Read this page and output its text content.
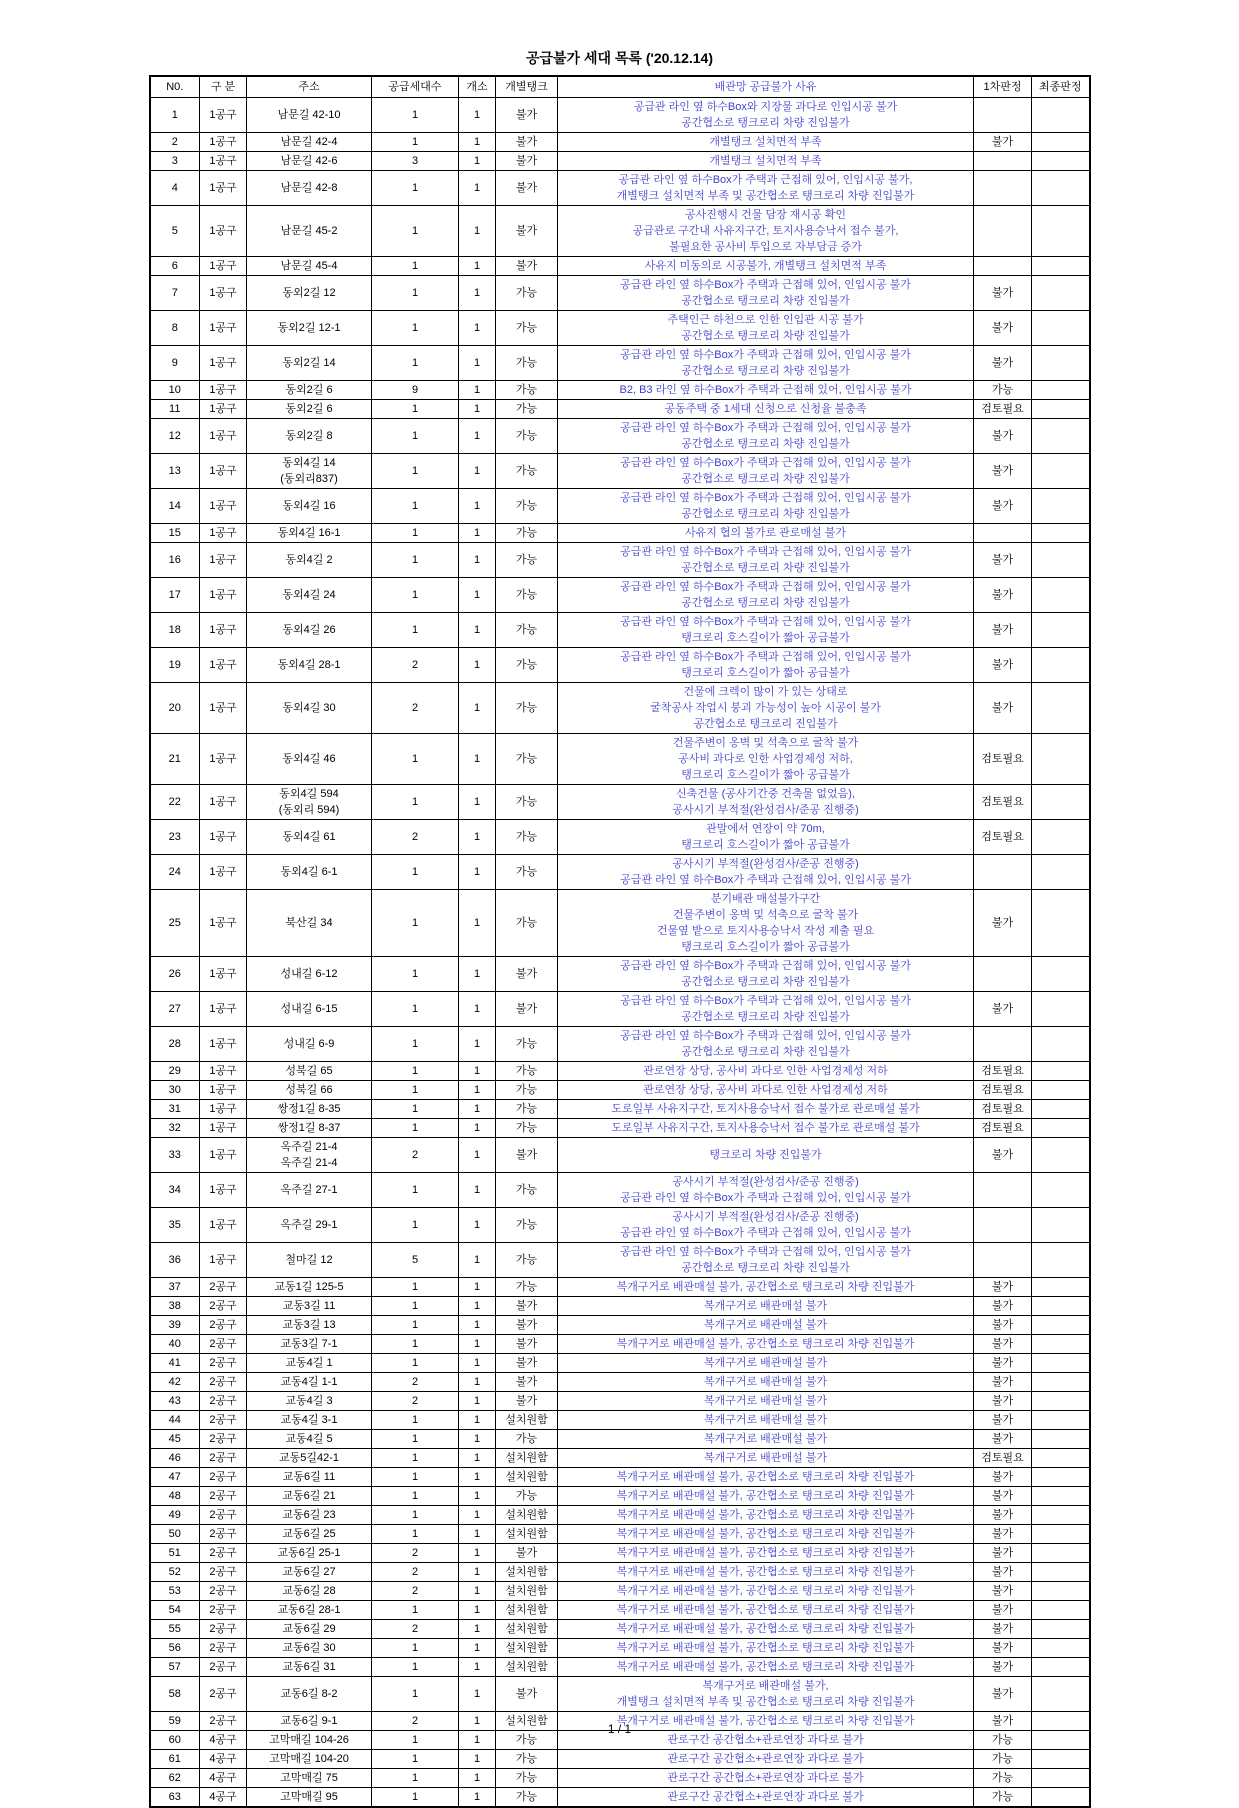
공급불가 세대 목록 ('20.12.14)
N0.	구 분	주소	공급세대수	개소	개별탱크	배관망 공급불가 사유	1차판정	최종판정
1	1공구	남문길 42-10	1	1	불가	공급관 라인 옆 하수Box와 지장물 과다로 인입시공 불가
공간협소로 탱크로리 차량 진입불가		

2	1공구	남문길 42-4	1	1	불가	개별탱크 설치면적 부족	불가	
3	1공구	남문길 42-6	3	1	불가	개별탱크 설치면적 부족		

4	1공구	남문길 42-8	1	1	불가	공급관 라인 옆 하수Box가 주택과 근접해 있어, 인입시공 불가,
개별탱크 설치면적 부족 및 공간협소로 탱크로리 차량 진입불가		

5	1공구	남문길 45-2	1	1	불가	공사진행시 건물 담장 재시공 확인
공급관로 구간내 사유지구간, 토지사용승낙서 접수 불가,
불필요한 공사비 투입으로 자부담금 증가		

6	1공구	남문길 45-4	1	1	불가	사유지 미동의로 시공불가, 개별탱크 설치면적 부족		

7	1공구	동외2길 12	1	1	가능	공급관 라인 옆 하수Box가 주택과 근접해 있어, 인입시공 불가
공간협소로 탱크로리 차량 진입불가	불가	
8	1공구	동외2길 12-1	1	1	가능	주택인근 하천으로 인한 인입관 시공 불가
공간협소로 탱크로리 차량 진입불가	불가	
9	1공구	동외2길 14	1	1	가능	공급관 라인 옆 하수Box가 주택과 근접해 있어, 인입시공 불가
공간협소로 탱크로리 차량 진입불가	불가	
10	1공구	동외2길 6	9	1	가능	B2, B3 라인 옆 하수Box가 주택과 근접해 있어, 인입시공 불가	가능	
11	1공구	동외2길 6	1	1	가능	공동주택 중 1세대 신청으로 신청율 불충족	검토필요	
12	1공구	동외2길 8	1	1	가능	공급관 라인 옆 하수Box가 주택과 근접해 있어, 인입시공 불가
공간협소로 탱크로리 차량 진입불가	불가	
13	1공구	
동외4길 14
(동외리837)
	1	1	가능	
공급관 라인 옆 하수Box가 주택과 근접해 있어, 인입시공 불가
공간협소로 탱크로리 차량 진입불가
	불가	
14	1공구	동외4길 16	1	1	가능	공급관 라인 옆 하수Box가 주택과 근접해 있어, 인입시공 불가
공간협소로 탱크로리 차량 진입불가	불가	
15	1공구	동외4길 16-1	1	1	가능	사유지 협의 불가로 관로매설 불가		

16	1공구	동외4길 2	1	1	가능	공급관 라인 옆 하수Box가 주택과 근접해 있어, 인입시공 불가
공간협소로 탱크로리 차량 진입불가	불가	
17	1공구	동외4길 24	1	1	가능	공급관 라인 옆 하수Box가 주택과 근접해 있어, 인입시공 불가
공간협소로 탱크로리 차량 진입불가	불가	
18	1공구	동외4길 26	1	1	가능	공급관 라인 옆 하수Box가 주택과 근접해 있어, 인입시공 불가
탱크로리 호스길이가 짧아 공급불가	불가	
19	1공구	동외4길 28-1	2	1	가능	공급관 라인 옆 하수Box가 주택과 근접해 있어, 인입시공 불가
탱크로리 호스길이가 짧아 공급불가	불가	
20	1공구	동외4길 30	2	1	가능	건물에 크렉이 많이 가 있는 상태로
굴착공사 작업시 붕괴 가능성이 높아 시공이 불가
공간협소로 탱크로리 진입불가	불가	
21	1공구	동외4길 46	1	1	가능	건물주변이 옹벽 및 석축으로 굴착 불가
공사비 과다로 인한 사업경제성 저하,
탱크로리 호스길이가 짧아 공급불가	검토필요	
22	1공구	
동외4길 594
(동외리 594)
	1	1	가능	
신축건물 (공사기간중 건축물 없었음),
공사시기 부적절(완성검사/준공 진행중)
	검토필요	
23	1공구	동외4길 61	2	1	가능	관말에서 연장이 약 70m,
탱크로리 호스길이가 짧아 공급불가	검토필요	
24	1공구	동외4길 6-1	1	1	가능	공사시기 부적절(완성검사/준공 진행중)
공급관 라인 옆 하수Box가 주택과 근접해 있어, 인입시공 불가		

25	1공구	북산길 34	1	1	가능	분기배관 매설불가구간
건물주변이 옹벽 및 석축으로 굴착 불가
건물옆 밭으로 토지사용승낙서 작성 제출 필요
탱크로리 호스길이가 짧아 공급불가	불가	
26	1공구	성내길 6-12	1	1	불가	공급관 라인 옆 하수Box가 주택과 근접해 있어, 인입시공 불가
공간협소로 탱크로리 차량 진입불가		

27	1공구	성내길 6-15	1	1	불가	공급관 라인 옆 하수Box가 주택과 근접해 있어, 인입시공 불가
공간협소로 탱크로리 차량 진입불가	불가	
28	1공구	성내길 6-9	1	1	가능	공급관 라인 옆 하수Box가 주택과 근접해 있어, 인입시공 불가
공간협소로 탱크로리 차량 진입불가		

29	1공구	성북길 65	1	1	가능	관로연장 상당, 공사비 과다로 인한 사업경제성 저하	검토필요	
30	1공구	성북길 66	1	1	가능	관로연장 상당, 공사비 과다로 인한 사업경제성 저하	검토필요	
31	1공구	쌍정1길 8-35	1	1	가능	도로일부 사유지구간, 토지사용승낙서 접수 불가로 관로매설 불가	검토필요	
32	1공구	쌍정1길 8-37	1	1	가능	도로일부 사유지구간, 토지사용승낙서 접수 불가로 관로매설 불가	검토필요	
33	1공구	옥주길 21-4
옥주길 21-4	2	1	불가	탱크로리 차량 진입불가	불가	
34	1공구	옥주길 27-1	1	1	가능	공사시기 부적절(완성검사/준공 진행중)
공급관 라인 옆 하수Box가 주택과 근접해 있어, 인입시공 불가		

35	1공구	옥주길 29-1	1	1	가능	공사시기 부적절(완성검사/준공 진행중)
공급관 라인 옆 하수Box가 주택과 근접해 있어, 인입시공 불가		

36	1공구	철마길 12	5	1	가능	공급관 라인 옆 하수Box가 주택과 근접해 있어, 인입시공 불가
공간협소로 탱크로리 차량 진입불가		

37	2공구	교동1길 125-5	1	1	가능	복개구거로 배관매설 불가, 공간협소로 탱크로리 차량 진입불가	불가	
38	2공구	교동3길 11	1	1	불가	복개구거로 배관매설 불가	불가	
39	2공구	교동3길 13	1	1	불가	복개구거로 배관매설 불가	불가	
40	2공구	교동3길 7-1	1	1	불가	복개구거로 배관매설 불가, 공간협소로 탱크로리 차량 진입불가	불가	
41	2공구	교동4길 1	1	1	불가	복개구거로 배관매설 불가	불가	
42	2공구	교동4길 1-1	2	1	불가	복개구거로 배관매설 불가	불가	
43	2공구	교동4길 3	2	1	불가	복개구거로 배관매설 불가	불가	
44	2공구	교동4길 3-1	1	1	설치원함	복개구거로 배관매설 불가	불가	
45	2공구	교동4길 5	1	1	가능	복개구거로 배관매설 불가	불가	
46	2공구	교동5길42-1	1	1	설치원함	복개구거로 배관매설 불가	검토필요	
47	2공구	교동6길 11	1	1	설치원함	복개구거로 배관매설 불가, 공간협소로 탱크로리 차량 진입불가	불가	
48	2공구	교동6길 21	1	1	가능	복개구거로 배관매설 불가, 공간협소로 탱크로리 차량 진입불가	불가	
49	2공구	교동6길 23	1	1	설치원함	복개구거로 배관매설 불가, 공간협소로 탱크로리 차량 진입불가	불가	
50	2공구	교동6길 25	1	1	설치원함	복개구거로 배관매설 불가, 공간협소로 탱크로리 차량 진입불가	불가	
51	2공구	교동6길 25-1	2	1	불가	복개구거로 배관매설 불가, 공간협소로 탱크로리 차량 진입불가	불가	
52	2공구	교동6길 27	2	1	설치원함	복개구거로 배관매설 불가, 공간협소로 탱크로리 차량 진입불가	불가	
53	2공구	교동6길 28	2	1	설치원함	복개구거로 배관매설 불가, 공간협소로 탱크로리 차량 진입불가	불가	
54	2공구	교동6길 28-1	1	1	설치원함	복개구거로 배관매설 불가, 공간협소로 탱크로리 차량 진입불가	불가	
55	2공구	교동6길 29	2	1	설치원함	복개구거로 배관매설 불가, 공간협소로 탱크로리 차량 진입불가	불가	
56	2공구	교동6길 30	1	1	설치원함	복개구거로 배관매설 불가, 공간협소로 탱크로리 차량 진입불가	불가	
57	2공구	교동6길 31	1	1	설치원함	복개구거로 배관매설 불가, 공간협소로 탱크로리 차량 진입불가	불가	
58	2공구	교동6길 8-2	1	1	불가	복개구거로 배관매설 불가,
개별탱크 설치면적 부족 및 공간협소로 탱크로리 차량 진입불가	불가	
59	2공구	교동6길 9-1	2	1	설치원함	복개구거로 배관매설 불가, 공간협소로 탱크로리 차량 진입불가	불가	
60	4공구	고막매길 104-26	1	1	가능	관로구간 공간협소+관로연장 과다로 불가	가능	
61	4공구	고막매길 104-20	1	1	가능	관로구간 공간협소+관로연장 과다로 불가	가능	
62	4공구	고막매길 75	1	1	가능	관로구간 공간협소+관로연장 과다로 불가	가능	
63	4공구	고막매길 95	1	1	가능	관로구간 공간협소+관로연장 과다로 불가	가능	
1 / 1
